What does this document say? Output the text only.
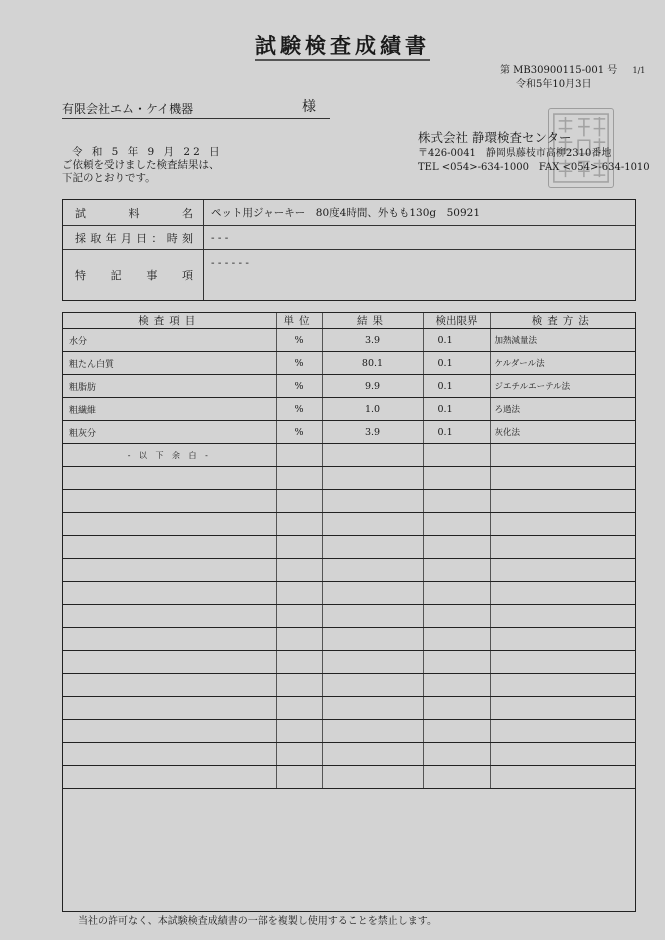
試験検査成績書
第 MB30900115-001 号 1/1
令和5年10月3日
有限会社エム・ケイ機器	様
令 和 5 年 9 月 22 日
ご依頼を受けました検査結果は、
下記のとおりです。
株式会社 静環検査センター
〒426-0041　静岡県藤枝市高柳2310番地
TEL <054>-634-1000　FAX <054>-634-1010
試料名 ペット用ジャーキー　80度4時間、外もも130g　50921
採取年月日：時刻 - - -
特記事項
- - - - - -
検査項目	単位	結果	検出限界	検査方法
水分	%	3.9	0.1	加熱減量法
粗たん白質	%	80.1	0.1	ケルダール法
粗脂肪	%	9.9	0.1	ジエチルエーテル法
粗繊維	%	1.0	0.1	ろ過法
粗灰分	%	3.9	0.1	灰化法
- 以 下 余 白 -				

当社の許可なく、本試験検査成績書の一部を複製し使用することを禁止します。
